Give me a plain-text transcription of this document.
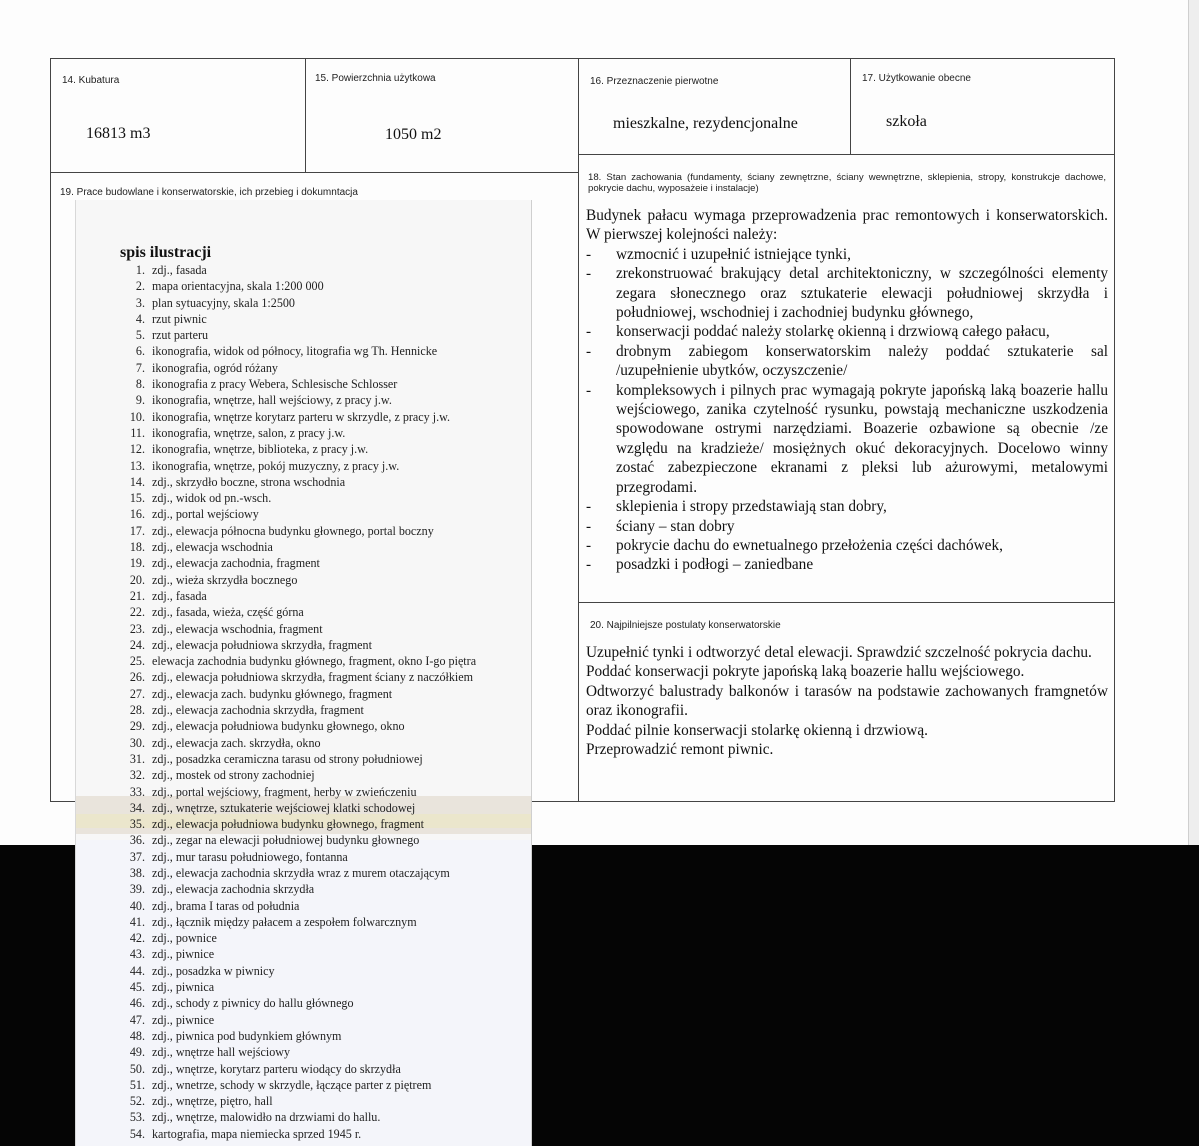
14. Kubatura
16813 m3
15. Powierzchnia użytkowa
1050 m2
16. Przeznaczenie pierwotne
mieszkalne, rezydencjonalne
17. Użytkowanie obecne
szkoła
19. Prace budowlane i konserwatorskie, ich przebieg i dokumntacja
18. Stan zachowania (fundamenty, ściany zewnętrzne, ściany wewnętrzne, sklepienia, stropy, konstrukcje dachowe, pokrycie dachu, wyposażeie i instalacje)
Budynek pałacu wymaga przeprowadzenia prac remontowych i konserwatorskich. W pierwszej kolejności należy:
- wzmocnić i uzupełnić istniejące tynki,
- zrekonstruować brakujący detal architektoniczny, w szczególności elementy zegara słonecznego oraz sztukaterie elewacji południowej skrzydła i południowej, wschodniej i zachodniej budynku głównego,
- konserwacji poddać należy stolarkę okienną i drzwiową całego pałacu,
- drobnym zabiegom konserwatorskim należy poddać sztukaterie sal /uzupełnienie ubytków, oczyszczenie/
- kompleksowych i pilnych prac wymagają pokryte japońską laką boazerie hallu wejściowego, zanika czytelność rysunku, powstają mechaniczne uszkodzenia spowodowane ostrymi narzędziami. Boazerie ozbawione są obecnie /ze względu na kradzieże/ mosiężnych okuć dekoracyjnych. Docelowo winny zostać zabezpieczone ekranami z pleksi lub ażurowymi, metalowymi przegrodami.
- sklepienia i stropy przedstawiają stan dobry,
- ściany – stan dobry
- pokrycie dachu do ewnetualnego przełożenia części dachówek,
- posadzki i podłogi – zaniedbane
20. Najpilniejsze postulaty konserwatorskie
Uzupełnić tynki i odtworzyć detal elewacji. Sprawdzić szczelność pokrycia dachu.
Poddać konserwacji pokryte japońską laką boazerie hallu wejściowego.
Odtworzyć balustrady balkonów i tarasów na podstawie zachowanych framgnetów oraz ikonografii.
Poddać pilnie konserwacji stolarkę okienną i drzwiową.
Przeprowadzić remont piwnic.
spis ilustracji
1. zdj., fasada
2. mapa orientacyjna, skala 1:200 000
3. plan sytuacyjny, skala 1:2500
4. rzut piwnic
5. rzut parteru
6. ikonografia, widok od północy, litografia wg Th. Hennicke
7. ikonografia, ogród różany
8. ikonografia z pracy Webera, Schlesische Schlosser
9. ikonografia, wnętrze, hall wejściowy, z pracy j.w.
10. ikonografia, wnętrze korytarz parteru w skrzydle, z pracy j.w.
11. ikonografia, wnętrze, salon, z pracy j.w.
12. ikonografia, wnętrze, biblioteka, z pracy j.w.
13. ikonografia, wnętrze, pokój muzyczny, z pracy j.w.
14. zdj., skrzydło boczne, strona wschodnia
15. zdj., widok od pn.-wsch.
16. zdj., portal wejściowy
17. zdj., elewacja północna budynku głownego, portal boczny
18. zdj., elewacja wschodnia
19. zdj., elewacja zachodnia, fragment
20. zdj., wieża skrzydła bocznego
21. zdj., fasada
22. zdj., fasada, wieża, część górna
23. zdj., elewacja wschodnia, fragment
24. zdj., elewacja południowa skrzydła, fragment
25. elewacja zachodnia budynku głównego, fragment, okno I-go piętra
26. zdj., elewacja południowa skrzydła, fragment ściany z naczółkiem
27. zdj., elewacja zach. budynku głównego, fragment
28. zdj., elewacja zachodnia skrzydła, fragment
29. zdj., elewacja południowa budynku głownego, okno
30. zdj., elewacja zach. skrzydła, okno
31. zdj., posadzka ceramiczna tarasu od strony południowej
32. zdj., mostek od strony zachodniej
33. zdj., portal wejściowy, fragment, herby w zwieńczeniu
34. zdj., wnętrze, sztukaterie wejściowej klatki schodowej
35. zdj., elewacja południowa budynku głownego, fragment
36. zdj., zegar na elewacji południowej budynku głownego
37. zdj., mur tarasu południowego, fontanna
38. zdj., elewacja zachodnia skrzydła wraz z murem otaczającym
39. zdj., elewacja zachodnia skrzydła
40. zdj., brama I taras od południa
41. zdj., łącznik między pałacem a zespołem folwarcznym
42. zdj., pownice
43. zdj., piwnice
44. zdj., posadzka w piwnicy
45. zdj., piwnica
46. zdj., schody z piwnicy do hallu głównego
47. zdj., piwnice
48. zdj., piwnica pod budynkiem głównym
49. zdj., wnętrze hall wejściowy
50. zdj., wnętrze, korytarz parteru wiodący do skrzydła
51. zdj., wnetrze, schody w skrzydle, łączące parter z piętrem
52. zdj., wnętrze, piętro, hall
53. zdj., wnętrze, malowidło na drzwiami do hallu.
54. kartografia, mapa niemiecka sprzed 1945 r.
